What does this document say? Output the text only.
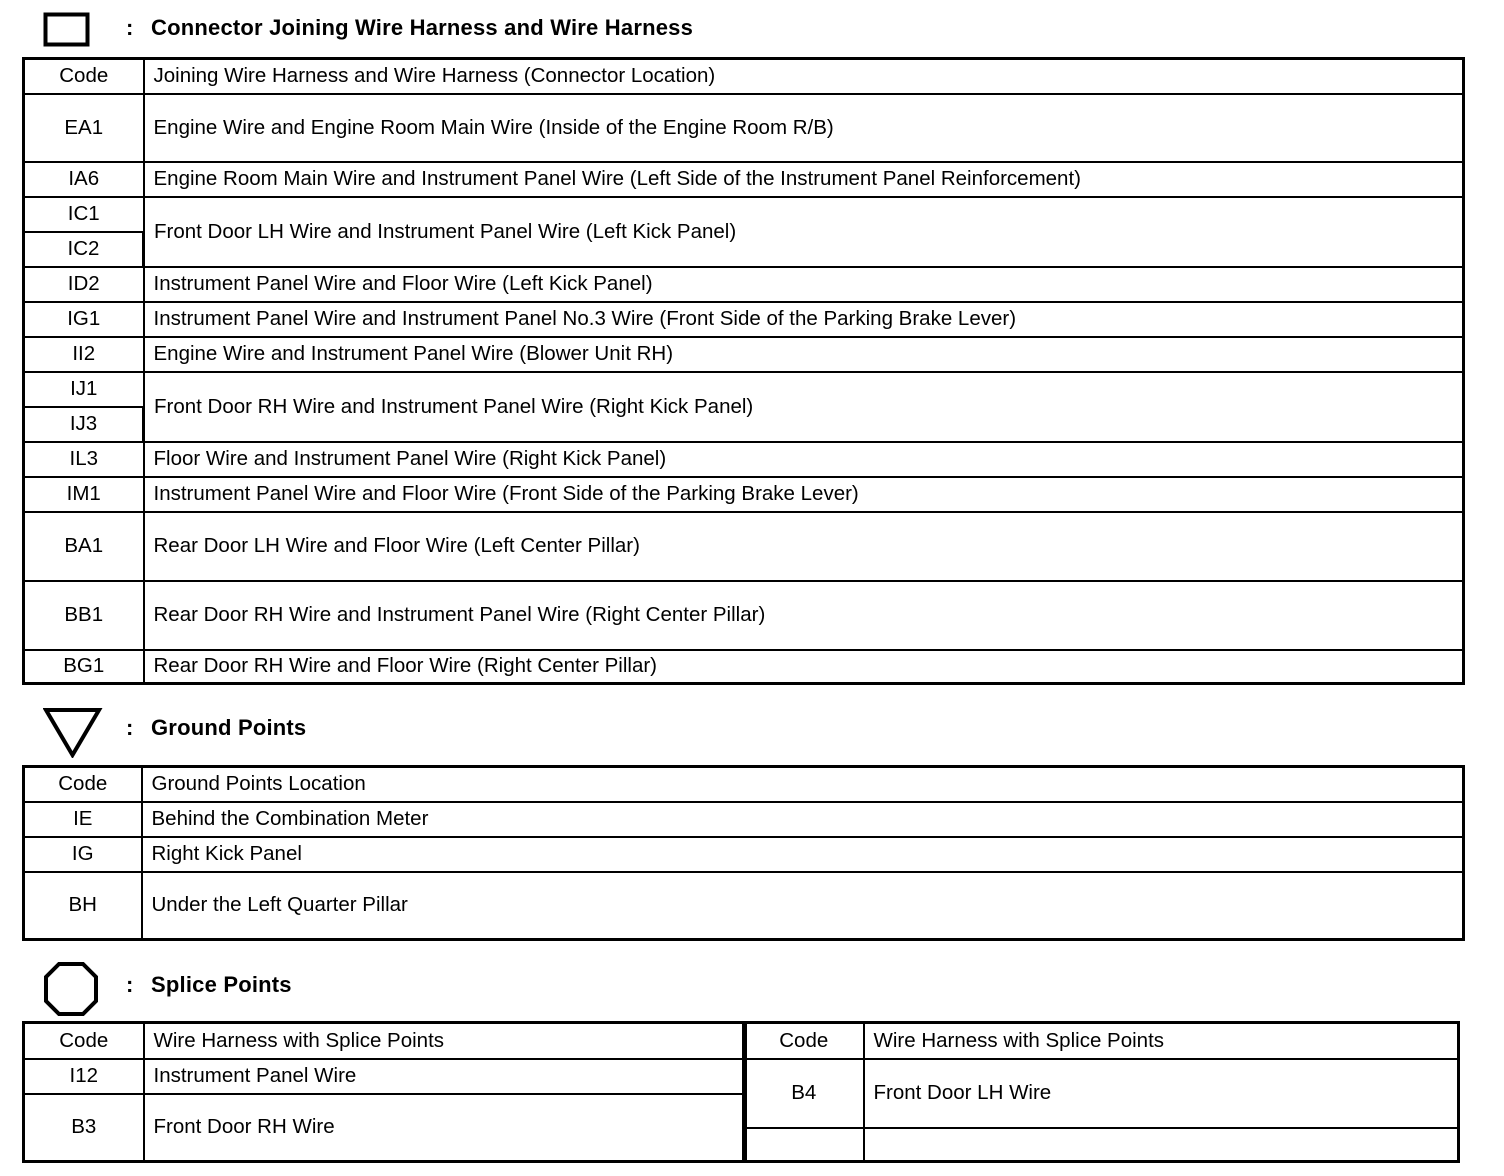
: Connector Joining Wire Harness and Wire Harness
Code	Joining Wire Harness and Wire Harness (Connector Location)
EA1	Engine Wire and Engine Room Main Wire (Inside of the Engine Room R/B)
IA6	Engine Room Main Wire and Instrument Panel Wire (Left Side of the Instrument Panel Reinforcement)
IC1	Front Door LH Wire and Instrument Panel Wire (Left Kick Panel)
IC2	
ID2	Instrument Panel Wire and Floor Wire (Left Kick Panel)
IG1	Instrument Panel Wire and Instrument Panel No.3 Wire (Front Side of the Parking Brake Lever)
II2	Engine Wire and Instrument Panel Wire (Blower Unit RH)
IJ1	Front Door RH Wire and Instrument Panel Wire (Right Kick Panel)
IJ3	
IL3	Floor Wire and Instrument Panel Wire (Right Kick Panel)
IM1	Instrument Panel Wire and Floor Wire (Front Side of the Parking Brake Lever)
BA1	Rear Door LH Wire and Floor Wire (Left Center Pillar)
BB1	Rear Door RH Wire and Instrument Panel Wire (Right Center Pillar)
BG1	Rear Door RH Wire and Floor Wire (Right Center Pillar)
: Ground Points
Code	Ground Points Location
IE	Behind the Combination Meter
IG	Right Kick Panel
BH	Under the Left Quarter Pillar
: Splice Points
Code	Wire Harness with Splice Points
I12	Instrument Panel Wire
B3	Front Door RH Wire
Code	Wire Harness with Splice Points
B4	Front Door LH Wire
